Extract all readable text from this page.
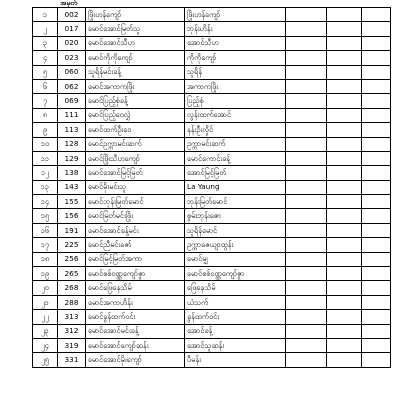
အမှတ်
၁	002	ဖြိုးဟန်ကျော်	ဖြိုးဟန်ကျော်			
၂	017	မောင်အောင်မြတ်သူ	ဘုန်းဟိန်း			
၃	020	မောင်အောင်သီဟ	အောင်သီဟ			
၄	023	မောင်ကိုကိုကျော်	ကိုကိုကျော်			
၅	060	သူရိန်မင်းခန့်	သူရိန်			
၆	062	မောင်အကာကဖြိုး	အကာကဖြိုး			
၇	069	မောင်ပြည့်စုံခန့်	ပြည့်စုံ			
၈	111	မောင်ပြည့်ဝေလွှဲ	လွန်းထက်အောင်			
၉	113	မောင်ထက်ဦးဝေ	နန်းဦးလှိုင်			
၁၀	128	မောင်ဥက္ကာမင်းဆက်	ဥက္ကာမင်းဆက်			
၁၁	129	မောင်ဖြိုးသီဟကျော်	မောင်ကောင်းခန့်			
၁၂	138	မောင်အောင်မြင့်မြတ်	အောင်မြင့်မြတ်			
၁၃	143	မောင်မိုးမင်းသူ	La Yaung			
၁၄	155	မောင်ဘုန်းမြတ်မောင်	ဘုန်းမြတ်မောင်			
၁၅	156	မောင်မြတ်မင်းဖြိုး	စွမ်းဘုန်းဇော			
၁၆	191	မောင်အောင်ခန့်မင်း	သူရိန်မောင်			
၁၇	225	မောင်ညီမင်းဇော်	ဥက္ကာဇေယျာထွန်း			
၁၈	256	မောင်မြင့်မြတ်အကာ	မောင်မျှ			
၁၉	265	မောင်စစ်ဝဏ္ဏကျော်ဇွာ	မောင်စစ်ဝဏ္ဏကျော်ဇွာ			
၂၀	268	မောင်ဖြေနေသိမ်	ဖြေနေသိမ်			
၂၁	288	မောင်အကာဟိန်း	ယံသက်			
၂၂	313	မောင်ခွန်ထက်ဝင်း	ခွန်ထက်ဝင်း			
၂၃	312	မောင်အောင်မင်းခန့်	အောင်ခန့်			
၂၄	319	မောင်အောင်ကျော်ဆန်း	အောင်သူဆန်း			
၂၅	331	မောင်အောင်မိုးကျော်	ပီမန်း			
